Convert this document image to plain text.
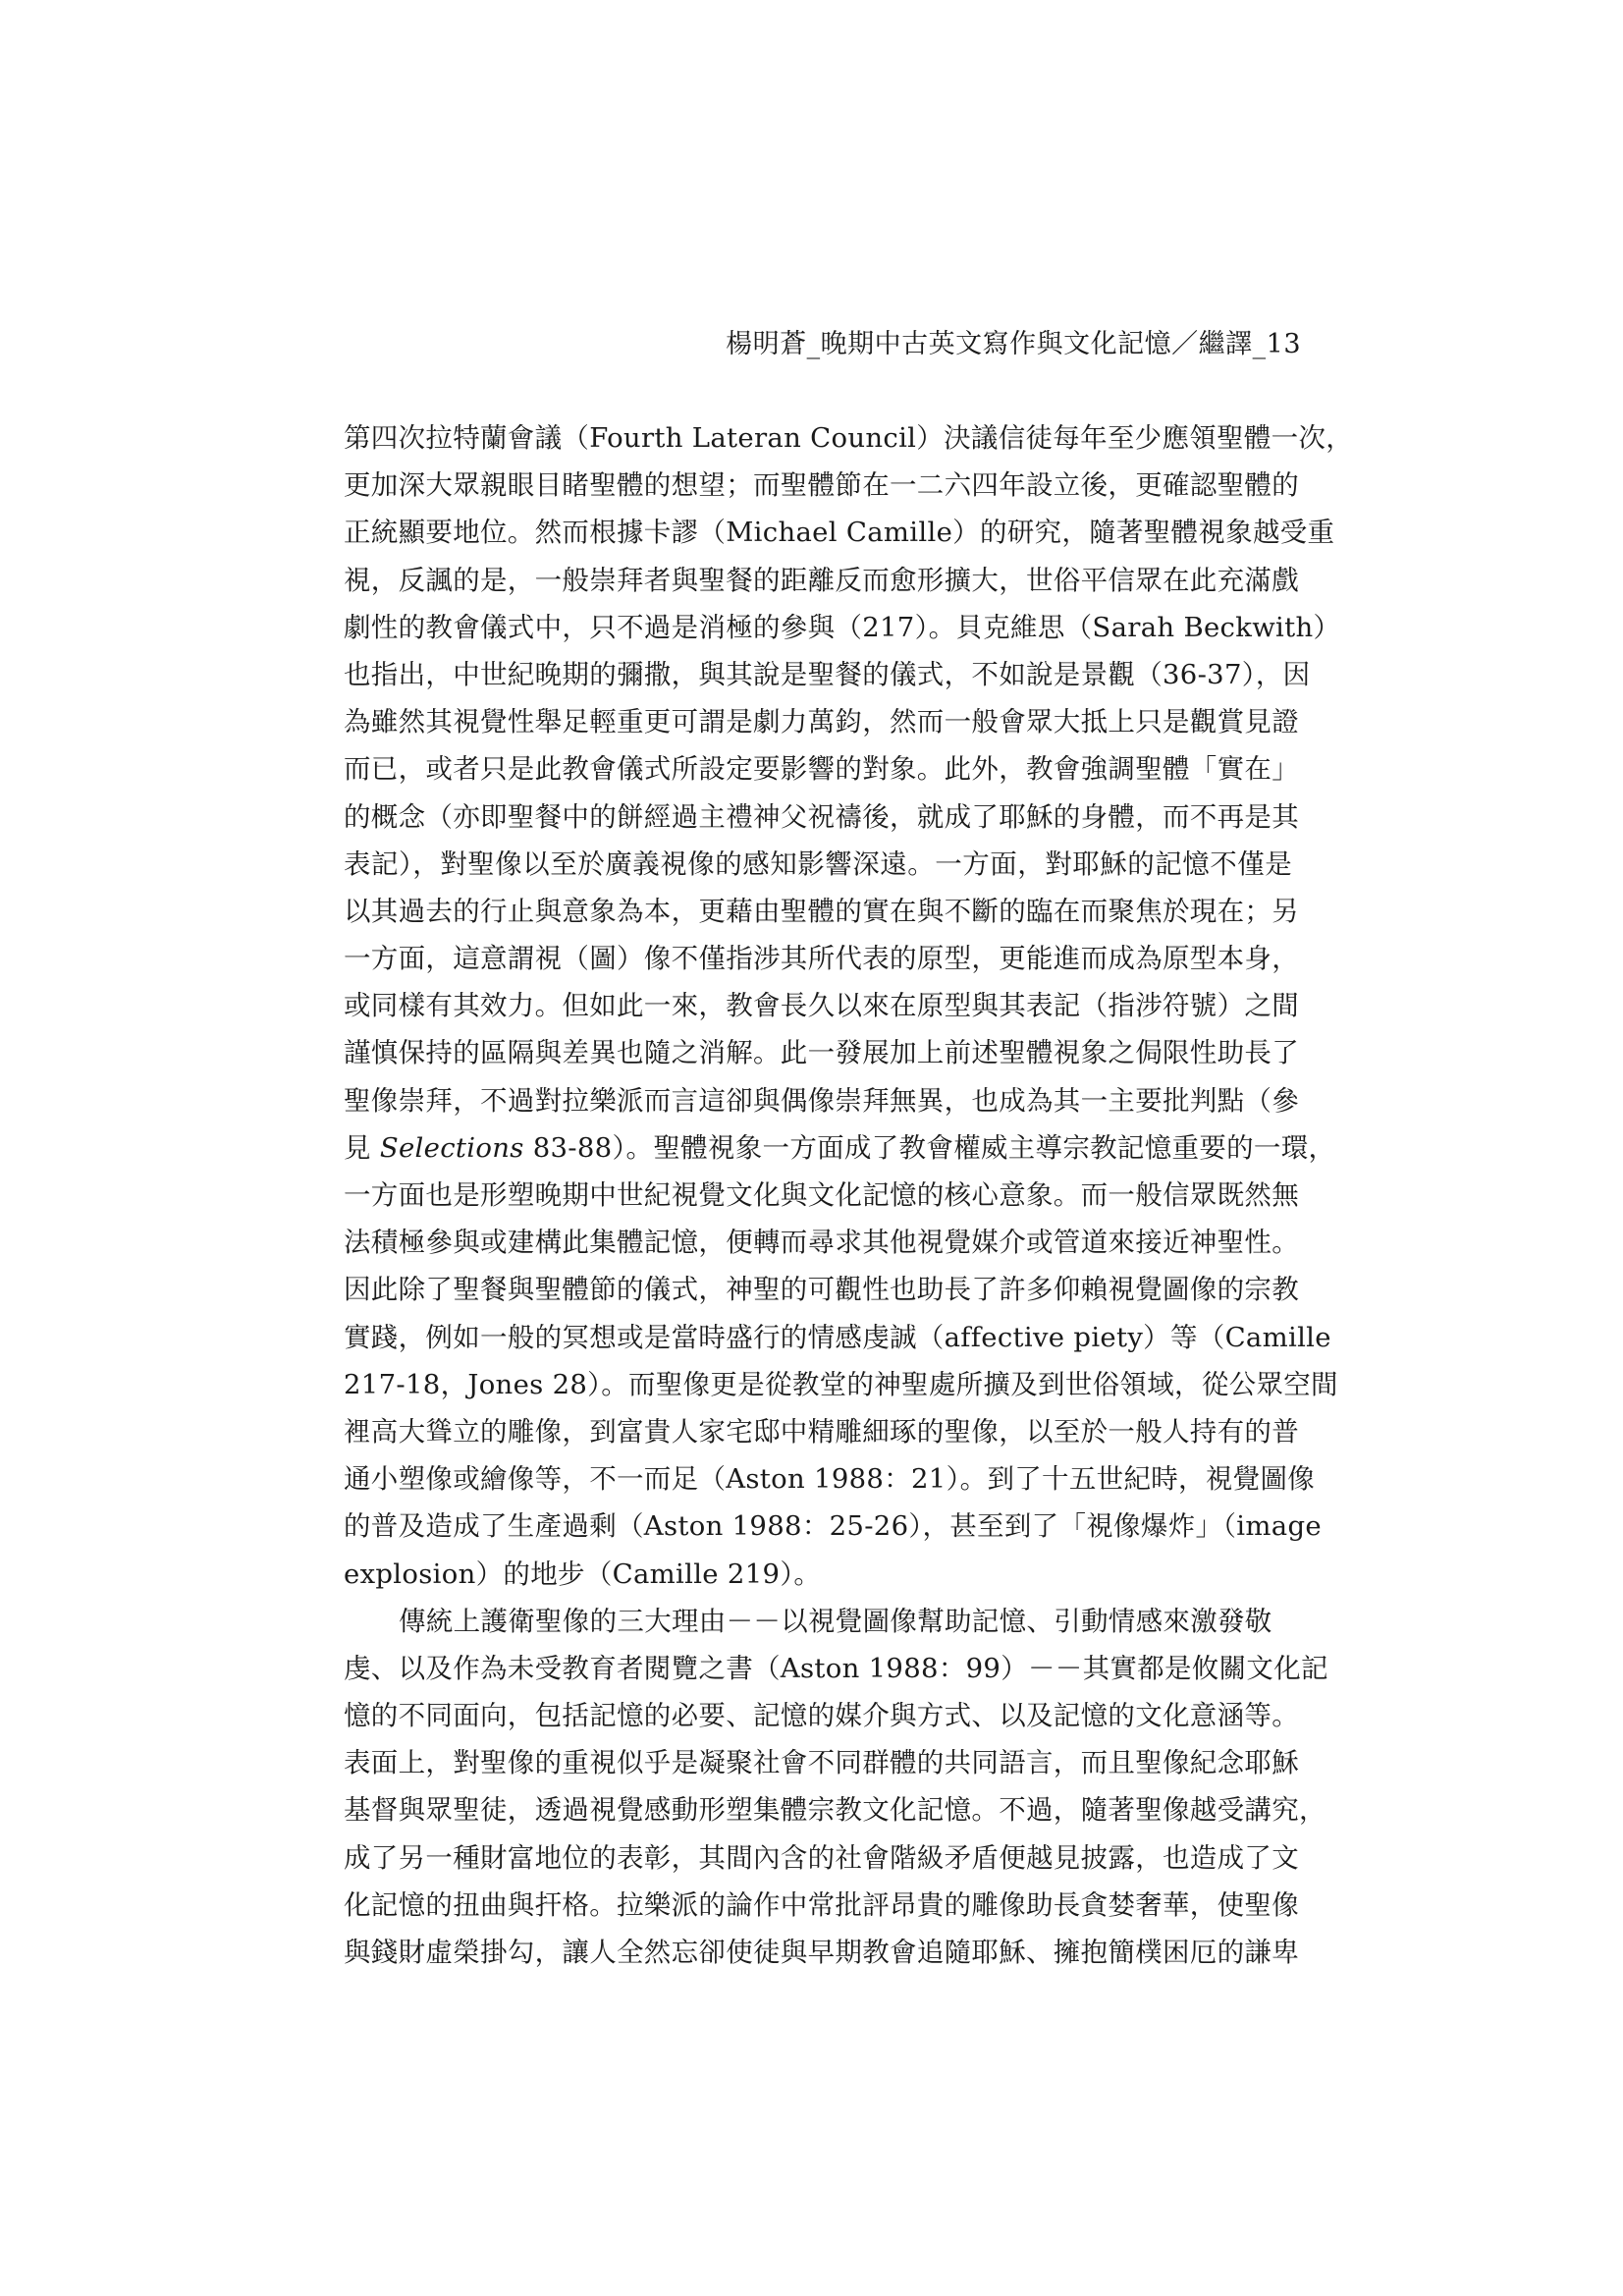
楊明蒼_晚期中古英文寫作與文化記憶／繼譯_13
第四次拉特蘭會議（Fourth Lateran Council）決議信徒每年至少應領聖體一次，
更加深大眾親眼目睹聖體的想望；而聖體節在一二六四年設立後，更確認聖體的
正統顯要地位。然而根據卡謬（Michael Camille）的研究，隨著聖體視象越受重
視，反諷的是，一般崇拜者與聖餐的距離反而愈形擴大，世俗平信眾在此充滿戲
劇性的教會儀式中，只不過是消極的參與（217）。貝克維思（Sarah Beckwith）
也指出，中世紀晚期的彌撒，與其說是聖餐的儀式，不如說是景觀（36-37），因
為雖然其視覺性舉足輕重更可謂是劇力萬鈞，然而一般會眾大抵上只是觀賞見證
而已，或者只是此教會儀式所設定要影響的對象。此外，教會強調聖體「實在」
的概念（亦即聖餐中的餅經過主禮神父祝禱後，就成了耶穌的身體，而不再是其
表記），對聖像以至於廣義視像的感知影響深遠。一方面，對耶穌的記憶不僅是
以其過去的行止與意象為本，更藉由聖體的實在與不斷的臨在而聚焦於現在；另
一方面，這意謂視（圖）像不僅指涉其所代表的原型，更能進而成為原型本身，
或同樣有其效力。但如此一來，教會長久以來在原型與其表記（指涉符號）之間
謹慎保持的區隔與差異也隨之消解。此一發展加上前述聖體視象之侷限性助長了
聖像崇拜，不過對拉樂派而言這卻與偶像崇拜無異，也成為其一主要批判點（參
見 Selections 83-88）。聖體視象一方面成了教會權威主導宗教記憶重要的一環，
一方面也是形塑晚期中世紀視覺文化與文化記憶的核心意象。而一般信眾既然無
法積極參與或建構此集體記憶，便轉而尋求其他視覺媒介或管道來接近神聖性。
因此除了聖餐與聖體節的儀式，神聖的可觀性也助長了許多仰賴視覺圖像的宗教
實踐，例如一般的冥想或是當時盛行的情感虔誠（affective piety）等（Camille
217-18，Jones 28）。而聖像更是從教堂的神聖處所擴及到世俗領域，從公眾空間
裡高大聳立的雕像，到富貴人家宅邸中精雕細琢的聖像，以至於一般人持有的普
通小塑像或繪像等，不一而足（Aston 1988：21）。到了十五世紀時，視覺圖像
的普及造成了生產過剩（Aston 1988：25-26），甚至到了「視像爆炸」（image
explosion）的地步（Camille 219）。
傳統上護衛聖像的三大理由－－以視覺圖像幫助記憶、引動情感來激發敬
虔、以及作為未受教育者閱覽之書（Aston 1988：99）－－其實都是攸關文化記
憶的不同面向，包括記憶的必要、記憶的媒介與方式、以及記憶的文化意涵等。
表面上，對聖像的重視似乎是凝聚社會不同群體的共同語言，而且聖像紀念耶穌
基督與眾聖徒，透過視覺感動形塑集體宗教文化記憶。不過，隨著聖像越受講究，
成了另一種財富地位的表彰，其間內含的社會階級矛盾便越見披露，也造成了文
化記憶的扭曲與扞格。拉樂派的論作中常批評昂貴的雕像助長貪婪奢華，使聖像
與錢財虛榮掛勾，讓人全然忘卻使徒與早期教會追隨耶穌、擁抱簡樸困厄的謙卑
